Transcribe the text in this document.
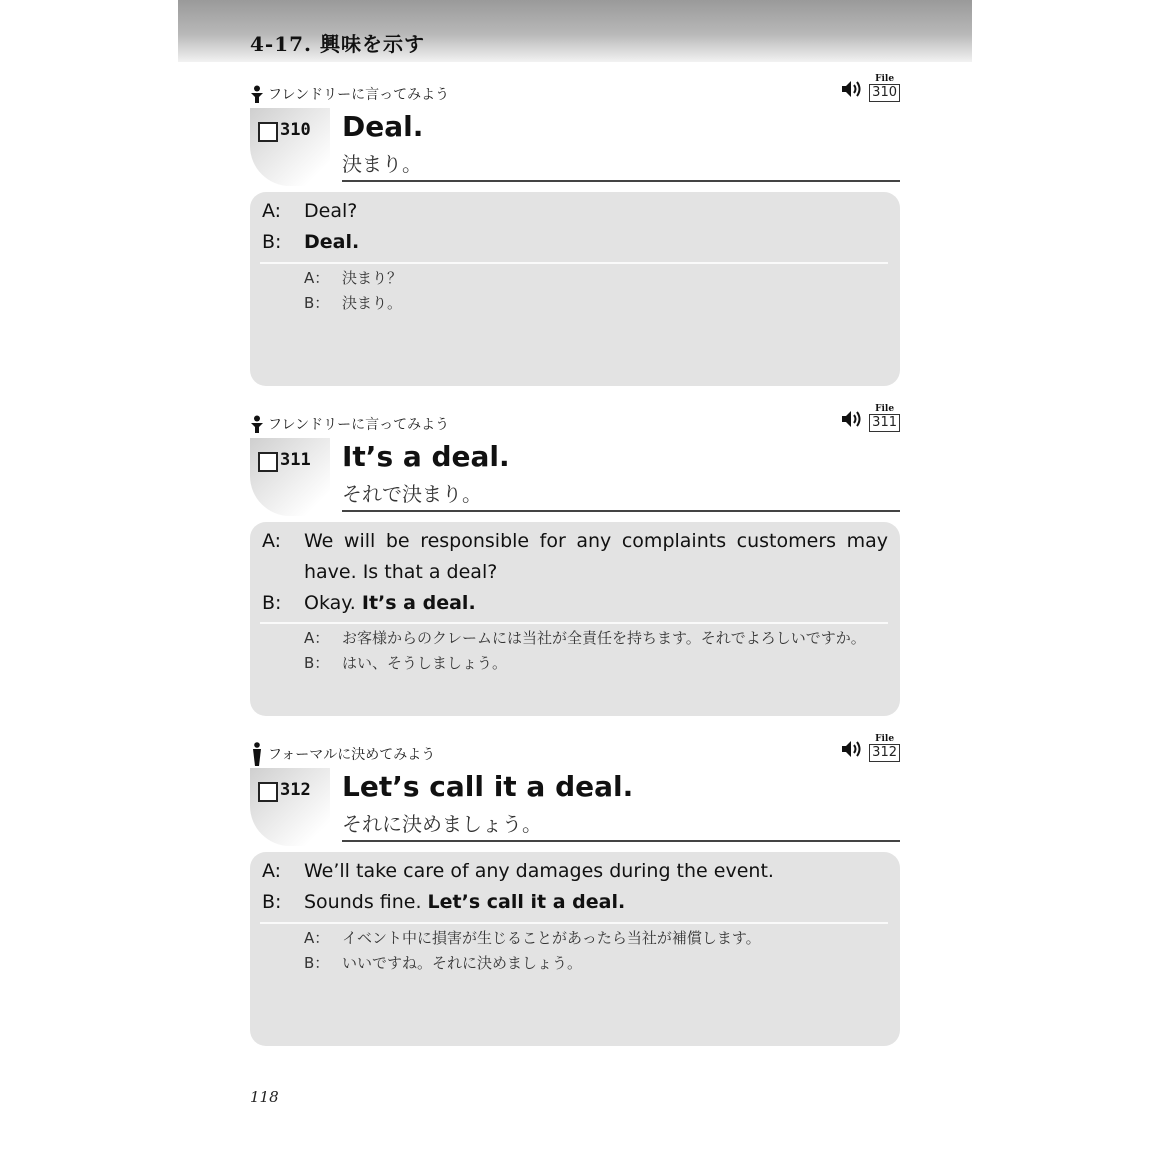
4-17. 興味を示す
フレンドリーに言ってみよう
File
310
310 Deal.
決まり。
A:	Deal?
B:	Deal.
A： 決まり？
B： 決まり。
フレンドリーに言ってみよう
File
311
311 It’s a deal.
それで決まり。
A:	We will be responsible for any complaints customers may have. Is that a deal?
B:	Okay. It’s a deal.
A： お客様からのクレームには当社が全責任を持ちます。それでよろしいですか。
B： はい、そうしましょう。
フォーマルに決めてみよう
File
312
312 Let’s call it a deal.
それに決めましょう。
A:	We’ll take care of any damages during the event.
B:	Sounds fine. Let’s call it a deal.
A： イベント中に損害が生じることがあったら当社が補償します。
B： いいですね。それに決めましょう。
118
